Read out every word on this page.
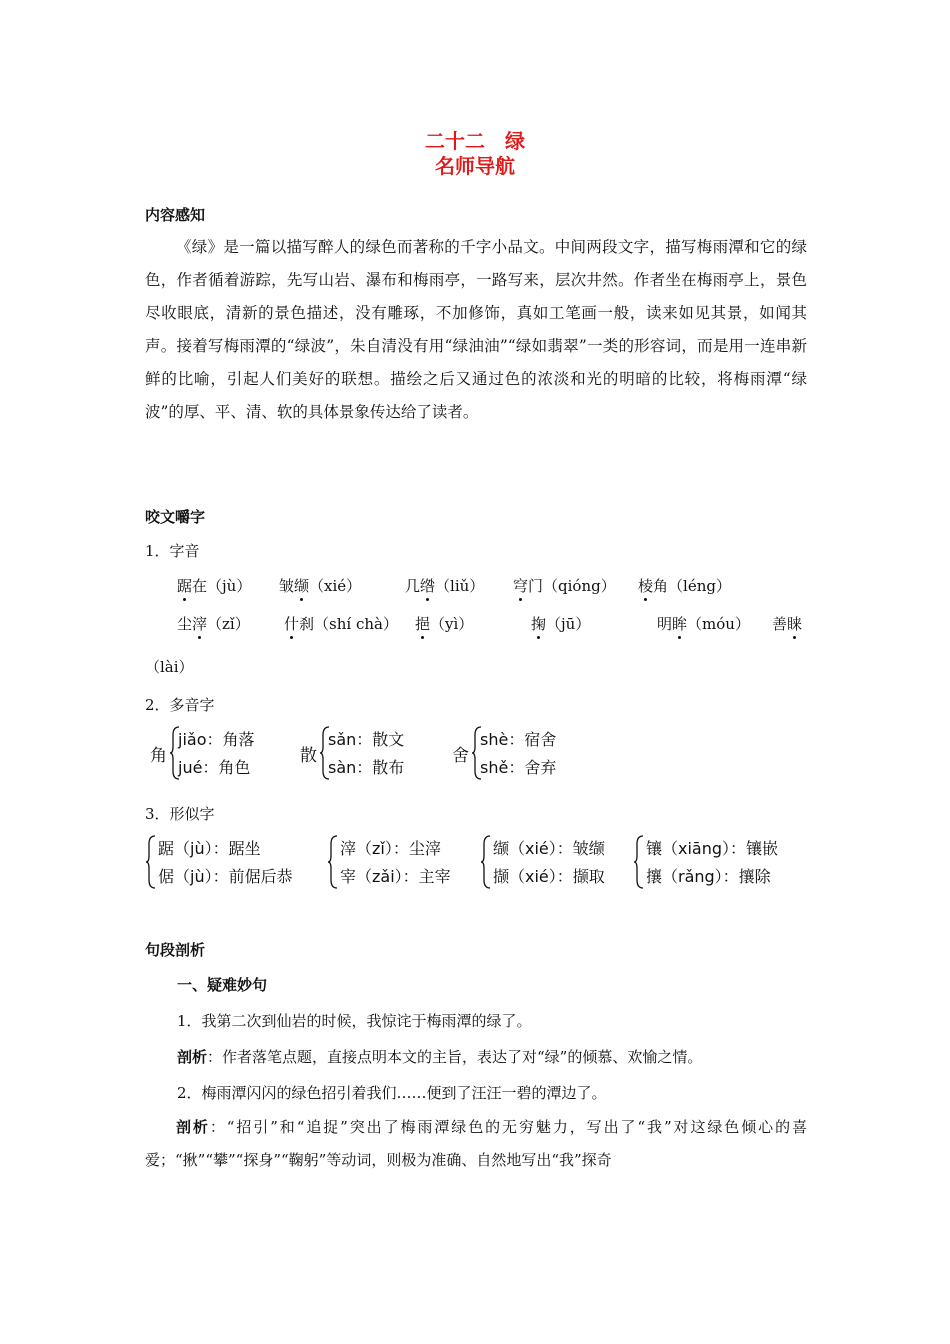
二十二　绿
名师导航
内容感知

《绿》是一篇以描写醉人的绿色而著称的千字小品文。中间两段文字，描写梅雨潭和它的绿色，作者循着游踪，先写山岩、瀑布和梅雨亭，一路写来，层次井然。作者坐在梅雨亭上，景色尽收眼底，清新的景色描述，没有雕琢，不加修饰，真如工笔画一般，读来如见其景，如闻其声。接着写梅雨潭的“绿波”，朱自清没有用“绿油油”“绿如翡翠”一类的形容词，而是用一连串新鲜的比喻，引起人们美好的联想。描绘之后又通过色的浓淡和光的明暗的比较，将梅雨潭“绿波”的厚、平、清、软的具体景象传达给了读者。

咬文嚼字
1．字音
踞在（jù） 皱缬（xié）	几绺（liǔ） 穹门（qióng） 棱角（léng）
尘滓（zǐ） 什刹（shí chà） 挹（yì）	掬（jū）	明眸（móu） 善睐
（lài）
2．多音字
角
jiǎo：角落
jué：角色
散
sǎn：散文
sàn：散布
舍
shè：宿舍
shě：舍弃
3．形似字
踞（jù）：踞坐
倨（jù）：前倨后恭
滓（zǐ）：尘滓
宰（zǎi）：主宰
缬（xié）：皱缬
撷（xié）：撷取
镶（xiāng）：镶嵌
攘（rǎng）：攘除
句段剖析
一、疑难妙句
1．我第二次到仙岩的时候，我惊诧于梅雨潭的绿了。
剖析：作者落笔点题，直接点明本文的主旨，表达了对“绿”的倾慕、欢愉之情。
2．梅雨潭闪闪的绿色招引着我们……便到了汪汪一碧的潭边了。

剖析：“招引”和“追捉”突出了梅雨潭绿色的无穷魅力，写出了“我”对这绿色倾心的喜爱；“揪”“攀”“探身”“鞠躬”等动词，则极为准确、自然地写出“我”探奇
